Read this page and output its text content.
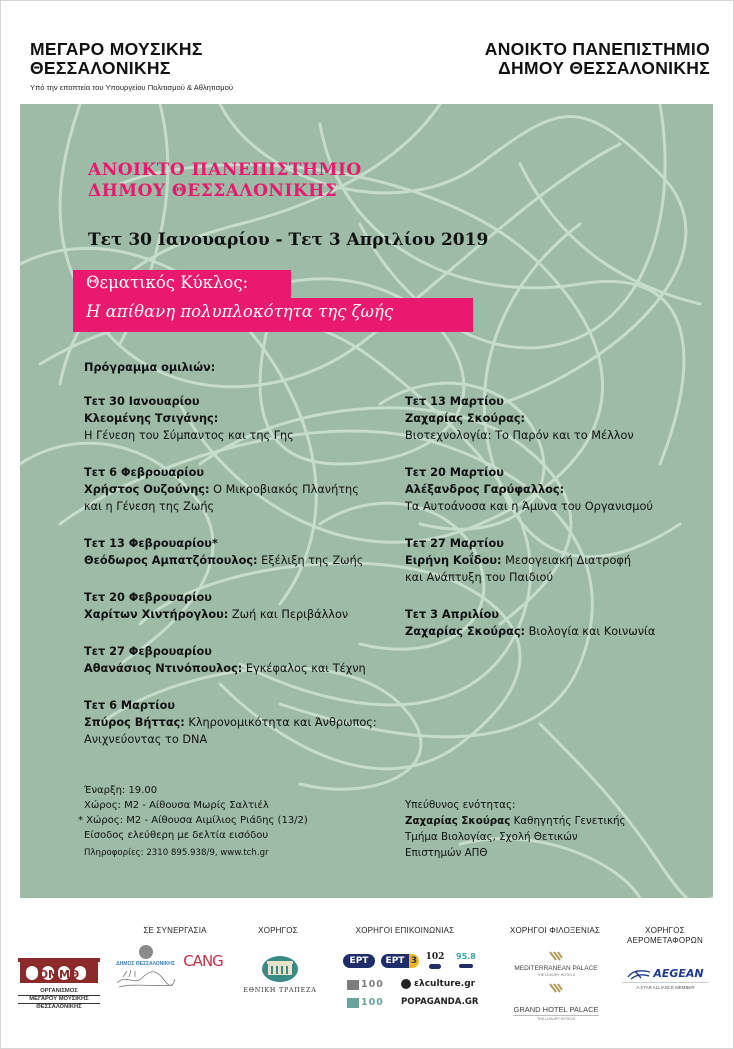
ΜΕΓΑΡΟ ΜΟΥΣΙΚΗΣ
ΘΕΣΣΑΛΟΝΙΚΗΣ
Υπό την εποπτεία του Υπουργείου Πολιτισμού & Αθλητισμού
ΑΝΟΙΚΤΟ ΠΑΝΕΠΙΣΤΗΜΙΟ
ΔΗΜΟΥ ΘΕΣΣΑΛΟΝΙΚΗΣ
ΑΝΟΙΚΤΟ ΠΑΝΕΠΙΣΤΗΜΙΟ
ΔΗΜΟΥ ΘΕΣΣΑΛΟΝΙΚΗΣ
Τετ 30 Ιανουαρίου - Τετ 3 Απριλίου 2019
Θεματικός Κύκλος:
Η απίθανη πολυπλοκότητα της ζωής
Πρόγραμμα ομιλιών:
Τετ 30 Ιανουαρίου
Κλεομένης Τσιγάνης:
Η Γένεση του Σύμπαντος και της Γης
Τετ 6 Φεβρουαρίου
Χρήστος Ουζούνης: Ο Μικροβιακός Πλανήτης
και η Γένεση της Ζωής
Τετ 13 Φεβρουαρίου*
Θεόδωρος Αμπατζόπουλος: Εξέλιξη της Ζωής
Τετ 20 Φεβρουαρίου
Χαρίτων Χιντήρογλου: Ζωή και Περιβάλλον
Τετ 27 Φεβρουαρίου
Αθανάσιος Ντινόπουλος: Εγκέφαλος και Τέχνη
Τετ 6 Μαρτίου
Σπύρος Βήττας: Κληρονομικότητα και Άνθρωπος:
Ανιχνεύοντας το DNA
Τετ 13 Μαρτίου
Ζαχαρίας Σκούρας:
Βιοτεχνολογία: Το Παρόν και το Μέλλον
Τετ 20 Μαρτίου
Αλέξανδρος Γαρύφαλλος:
Τα Αυτοάνοσα και η Άμυνα του Οργανισμού
Τετ 27 Μαρτίου
Ειρήνη Κοΐδου: Μεσογειακή Διατροφή
και Ανάπτυξη του Παιδιού
Τετ 3 Απριλίου
Ζαχαρίας Σκούρας: Βιολογία και Κοινωνία
Έναρξη: 19.00
Χώρος: Μ2 - Αίθουσα Μωρίς Σαλτιέλ
* Χώρος: Μ2 - Αίθουσα Αιμίλιος Ριάδης (13/2)
Είσοδος ελεύθερη με δελτία εισόδου
Πληροφορίες: 2310 895.938/9, www.tch.gr
Υπεύθυνος ενότητας:
Ζαχαρίας Σκούρας Καθηγητής Γενετικής
Τμήμα Βιολογίας, Σχολή Θετικών
Επιστημών ΑΠΘ
ΣΕ ΣΥΝΕΡΓΑΣΙΑ	ΧΟΡΗΓΟΣ	ΧΟΡΗΓΟΙ ΕΠΙΚΟΙΝΩΝΙΑΣ	ΧΟΡΗΓΟΙ ΦΙΛΟΞΕΝΙΑΣ	ΧΟΡΗΓΟΣ
ΑΕΡΟΜΕΤΑΦΟΡΩΝ
ΟΜΜΘ
ΟΡΓΑΝΙΣΜΟΣ
ΜΕΓΑΡΟΥ ΜΟΥΣΙΚΗΣ
ΘΕΣΣΑΛΟΝΙΚΗΣ
ΔΗΜΟΣ ΘΕΣΣΑΛΟΝΙΚΗΣ CANG
ΕΘΝΙΚΗ ΤΡΑΠΕΖΑ
ΕΡΤ	ΕΡΤ 3 102 95.8
100
100
ελculture.gr
POPAGANDA.GR
MEDITERRANEAN PALACE
THE LUXURY HOTELS
GRAND HOTEL PALACE
THE LUXURY HOTELS
AEGEAN
A STAR ALLIANCE MEMBER
